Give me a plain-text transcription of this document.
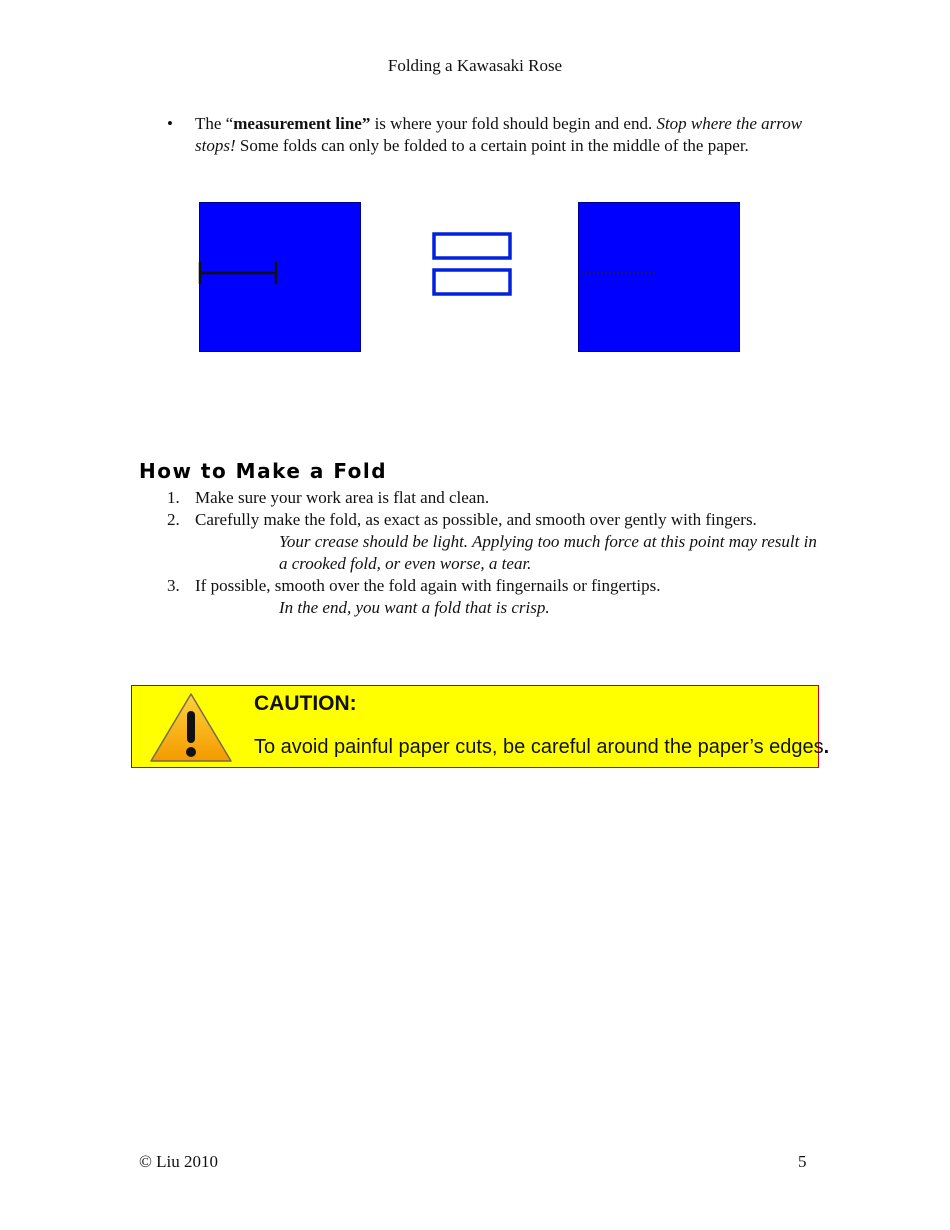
Folding a Kawasaki Rose
• The “measurement line” is where your fold should begin and end. Stop where the arrow stops! Some folds can only be folded to a certain point in the middle of the paper.
How to Make a Fold
1. Make sure your work area is flat and clean.
2. Carefully make the fold, as exact as possible, and smooth over gently with fingers.
Your crease should be light. Applying too much force at this point may result in a crooked fold, or even worse, a tear.
3. If possible, smooth over the fold again with fingernails or fingertips.
In the end, you want a fold that is crisp.
CAUTION:
To avoid painful paper cuts, be careful around the paper’s edges.
© Liu 2010	5
